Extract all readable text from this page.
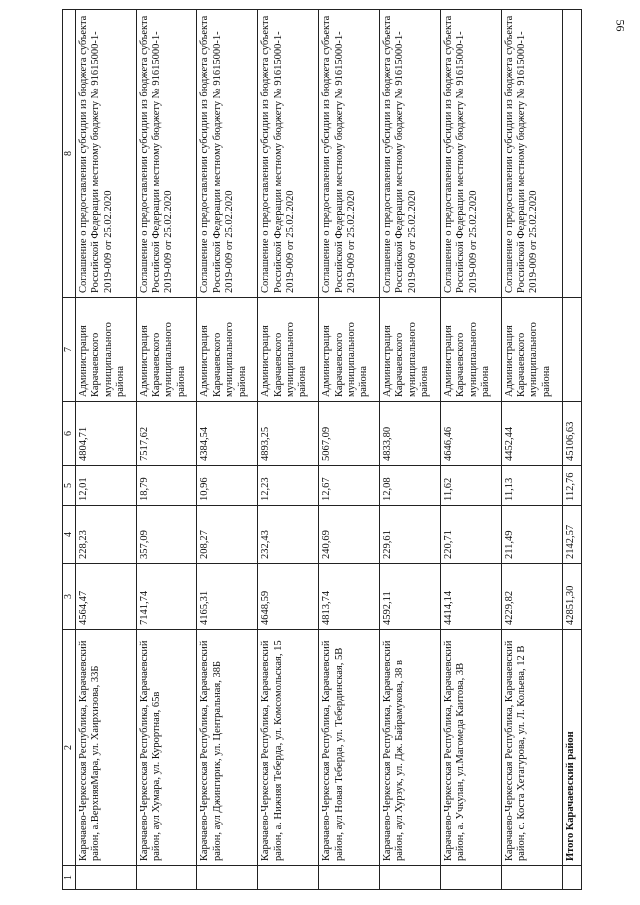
56
1	2	3	4	5	6	7	8
	Карачаево-Черкесская Республика, Карачаевский район, а.ВерхняяМара, ул. Хаирхизова, 33Б	4564,47	228,23	12,01	4804,71	Администрация Карачаевского муниципального района	Соглашение о предоставлении субсидии из бюджета субъекта Российской Федерации местному бюджету № 91615000-1-2019-009 от 25.02.2020
	Карачаево-Черкесская Республика, Карачаевский район, аул Хумара, ул. Курортная, 65в	7141,74	357,09	18,79	7517,62	Администрация Карачаевского муниципального района	Соглашение о предоставлении субсидии из бюджета субъекта Российской Федерации местному бюджету № 91615000-1-2019-009 от 25.02.2020
	Карачаево-Черкесская Республика, Карачаевский район, аул Джингирик, ул. Центральная, 38Б	4165,31	208,27	10,96	4384,54	Администрация Карачаевского муниципального района	Соглашение о предоставлении субсидии из бюджета субъекта Российской Федерации местному бюджету № 91615000-1-2019-009 от 25.02.2020
	Карачаево-Черкесская Республика, Карачаевский район, а. Нижняя Теберда, ул. Комсомольская, 15	4648,59	232,43	12,23	4893,25	Администрация Карачаевского муниципального района	Соглашение о предоставлении субсидии из бюджета субъекта Российской Федерации местному бюджету № 91615000-1-2019-009 от 25.02.2020
	Карачаево-Черкесская Республика, Карачаевский район, аул Новая Теберда, ул. Тебердинская, 5В	4813,74	240,69	12,67	5067,09	Администрация Карачаевского муниципального района	Соглашение о предоставлении субсидии из бюджета субъекта Российской Федерации местному бюджету № 91615000-1-2019-009 от 25.02.2020
	Карачаево-Черкесская Республика, Карачаевский район, аул Хурзук, ул. Дж. Байрамукова, 38 в	4592,11	229,61	12,08	4833,80	Администрация Карачаевского муниципального района	Соглашение о предоставлении субсидии из бюджета субъекта Российской Федерации местному бюджету № 91615000-1-2019-009 от 25.02.2020
	Карачаево-Черкесская Республика, Карачаевский район, а. Учкулан, ул.Магомеда Каитова, 3В	4414,14	220,71	11,62	4646,46	Администрация Карачаевского муниципального района	Соглашение о предоставлении субсидии из бюджета субъекта Российской Федерации местному бюджету № 91615000-1-2019-009 от 25.02.2020
	Карачаево-Черкесская Республика, Карачаевский район, с. Коста Хетагурова, ул. Л. Кольева, 12 В	4229,82	211,49	11,13	4452,44	Администрация Карачаевского муниципального района	Соглашение о предоставлении субсидии из бюджета субъекта Российской Федерации местному бюджету № 91615000-1-2019-009 от 25.02.2020
	Итого Карачаевский район	42851,30	2142,57	112,76	45106,63		
